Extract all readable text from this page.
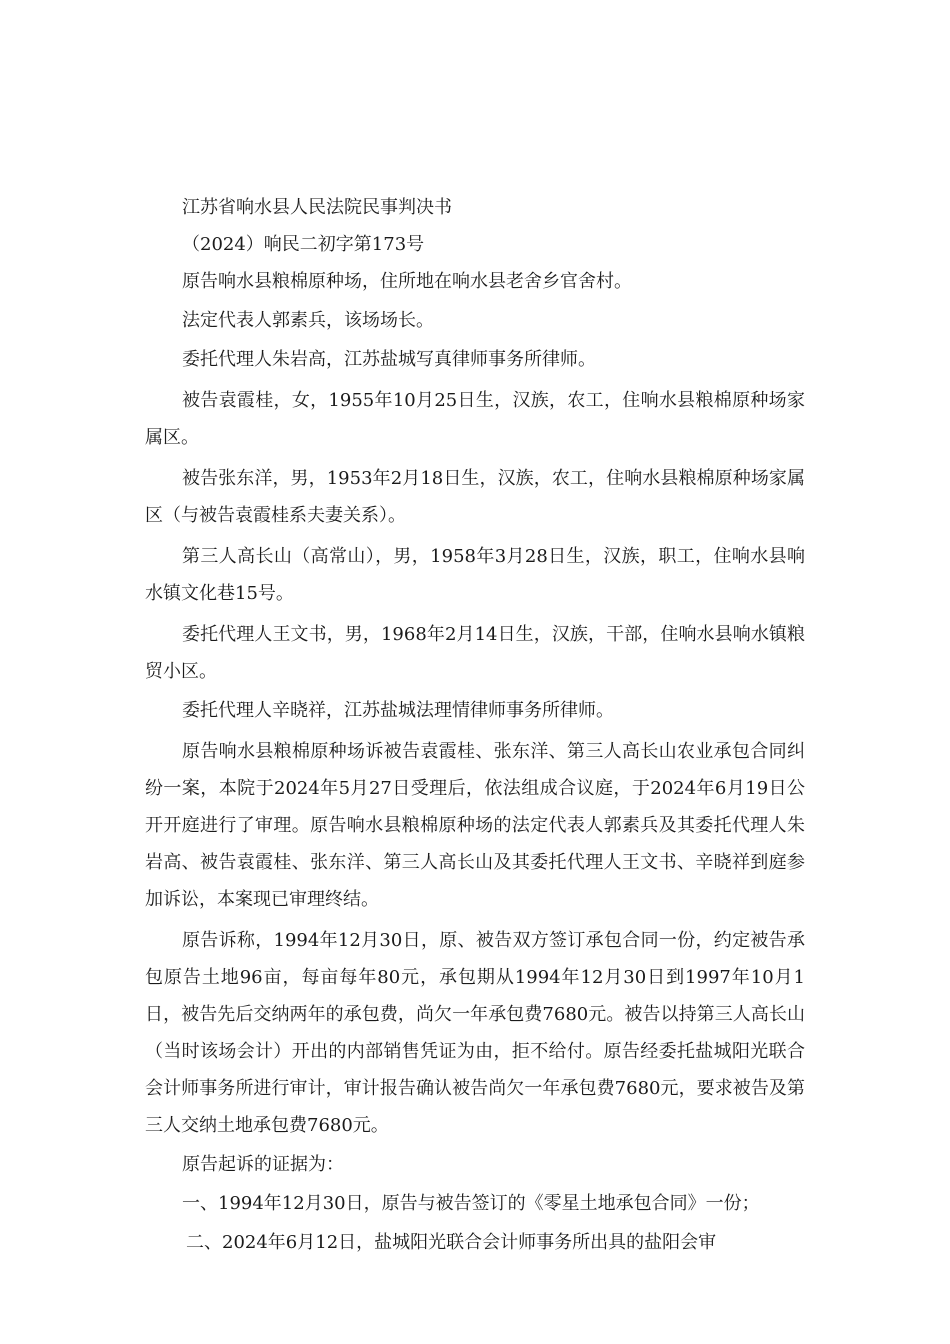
江苏省响水县人民法院民事判决书

（2024）响民二初字第173号

原告响水县粮棉原种场，住所地在响水县老舍乡官舍村。

法定代表人郭素兵，该场场长。

委托代理人朱岩高，江苏盐城写真律师事务所律师。

被告袁霞桂，女，1955年10月25日生，汉族，农工，住响水县粮棉原种场家属区。

被告张东洋，男，1953年2月18日生，汉族，农工，住响水县粮棉原种场家属区（与被告袁霞桂系夫妻关系）。

第三人高长山（高常山），男，1958年3月28日生，汉族，职工，住响水县响水镇文化巷15号。

委托代理人王文书，男，1968年2月14日生，汉族，干部，住响水县响水镇粮贸小区。

委托代理人辛晓祥，江苏盐城法理情律师事务所律师。

原告响水县粮棉原种场诉被告袁霞桂、张东洋、第三人高长山农业承包合同纠纷一案，本院于2024年5月27日受理后，依法组成合议庭，于2024年6月19日公开开庭进行了审理。原告响水县粮棉原种场的法定代表人郭素兵及其委托代理人朱岩高、被告袁霞桂、张东洋、第三人高长山及其委托代理人王文书、辛晓祥到庭参加诉讼，本案现已审理终结。

原告诉称，1994年12月30日，原、被告双方签订承包合同一份，约定被告承包原告土地96亩，每亩每年80元，承包期从1994年12月30日到1997年10月1日，被告先后交纳两年的承包费，尚欠一年承包费7680元。被告以持第三人高长山（当时该场会计）开出的内部销售凭证为由，拒不给付。原告经委托盐城阳光联合会计师事务所进行审计，审计报告确认被告尚欠一年承包费7680元，要求被告及第三人交纳土地承包费7680元。

原告起诉的证据为：

一、1994年12月30日，原告与被告签订的《零星土地承包合同》一份；

二、2024年6月12日，盐城阳光联合会计师事务所出具的盐阳会审
